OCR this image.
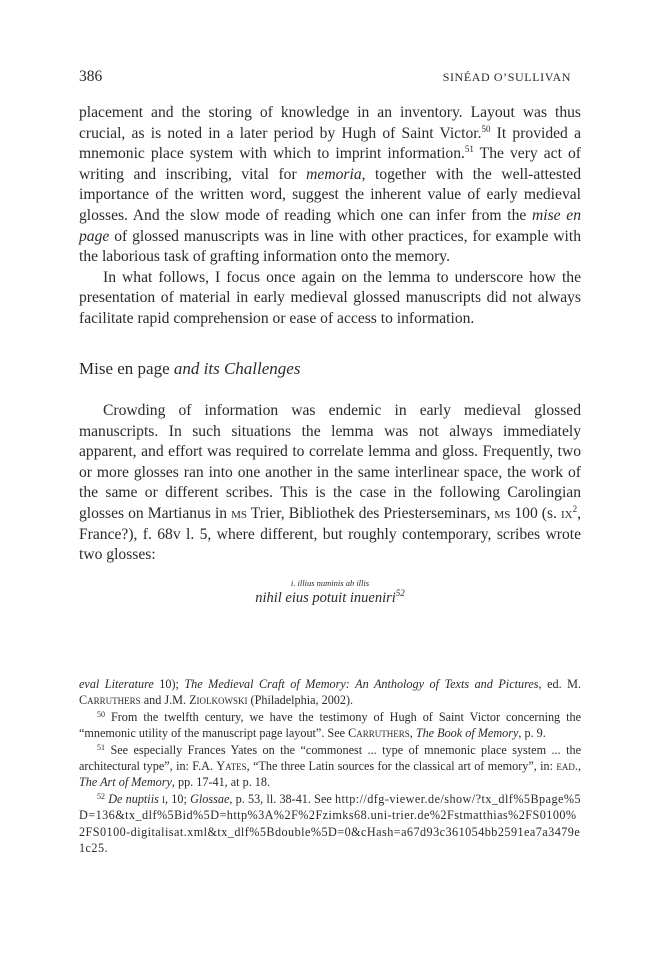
386	SINÉAD O’SULLIVAN

placement and the storing of knowledge in an inventory. Layout was thus crucial, as is noted in a later period by Hugh of Saint Victor.$^{50}$ It provided a mnemonic place system with which to imprint information.$^{51}$ The very act of writing and inscribing, vital for memoria, together with the well-attested importance of the written word, suggest the inherent value of early medieval glosses. And the slow mode of reading which one can infer from the mise en page of glossed manuscripts was in line with other practices, for example with the laborious task of grafting information onto the memory.

In what follows, I focus once again on the lemma to underscore how the presentation of material in early medieval glossed manuscripts did not always facilitate rapid comprehension or ease of access to information.

Mise en page and its Challenges

Crowding of information was endemic in early medieval glossed manuscripts. In such situations the lemma was not always immediately apparent, and effort was required to correlate lemma and gloss. Frequently, two or more glosses ran into one another in the same interlinear space, the work of the same or different scribes. This is the case in the following Carolingian glosses on Martianus in ms Trier, Bibliothek des Priesterseminars, ms 100 (s. $ix^2$, France?), f. 68v l. 5, where different, but roughly contemporary, scribes wrote two glosses:

i. illius numinis ab illis
nihil eius potuit inueniri$^{52}$

eval Literature 10); The Medieval Craft of Memory: An Anthology of Texts and Pictures, ed. M. Carruthers and J.M. Ziolkowski (Philadelphia, 2002).

$^{50}$ From the twelfth century, we have the testimony of Hugh of Saint Victor concerning the “mnemonic utility of the manuscript page layout”. See Carruthers, The Book of Memory, p. 9.

$^{51}$ See especially Frances Yates on the “commonest ... type of mnemonic place system ... the architectural type”, in: F.A. Yates, “The three Latin sources for the classical art of memory”, in: ead., The Art of Memory, pp. 17-41, at p. 18.

$^{52}$ De nuptiis i, 10; Glossae, p. 53, ll. 38-41. See http://dfg-viewer.de/show/?tx_dlf%5Bpage%5D=136&tx_dlf%5Bid%5D=http%3A%2F%2Fzimks68.uni-trier.de%2Fstmatthias%2FS0100%2FS0100-digitalisat.xml&tx_dlf%5Bdouble%5D=0&cHash=a67d93c361054bb2591ea7a3479e1c25.
